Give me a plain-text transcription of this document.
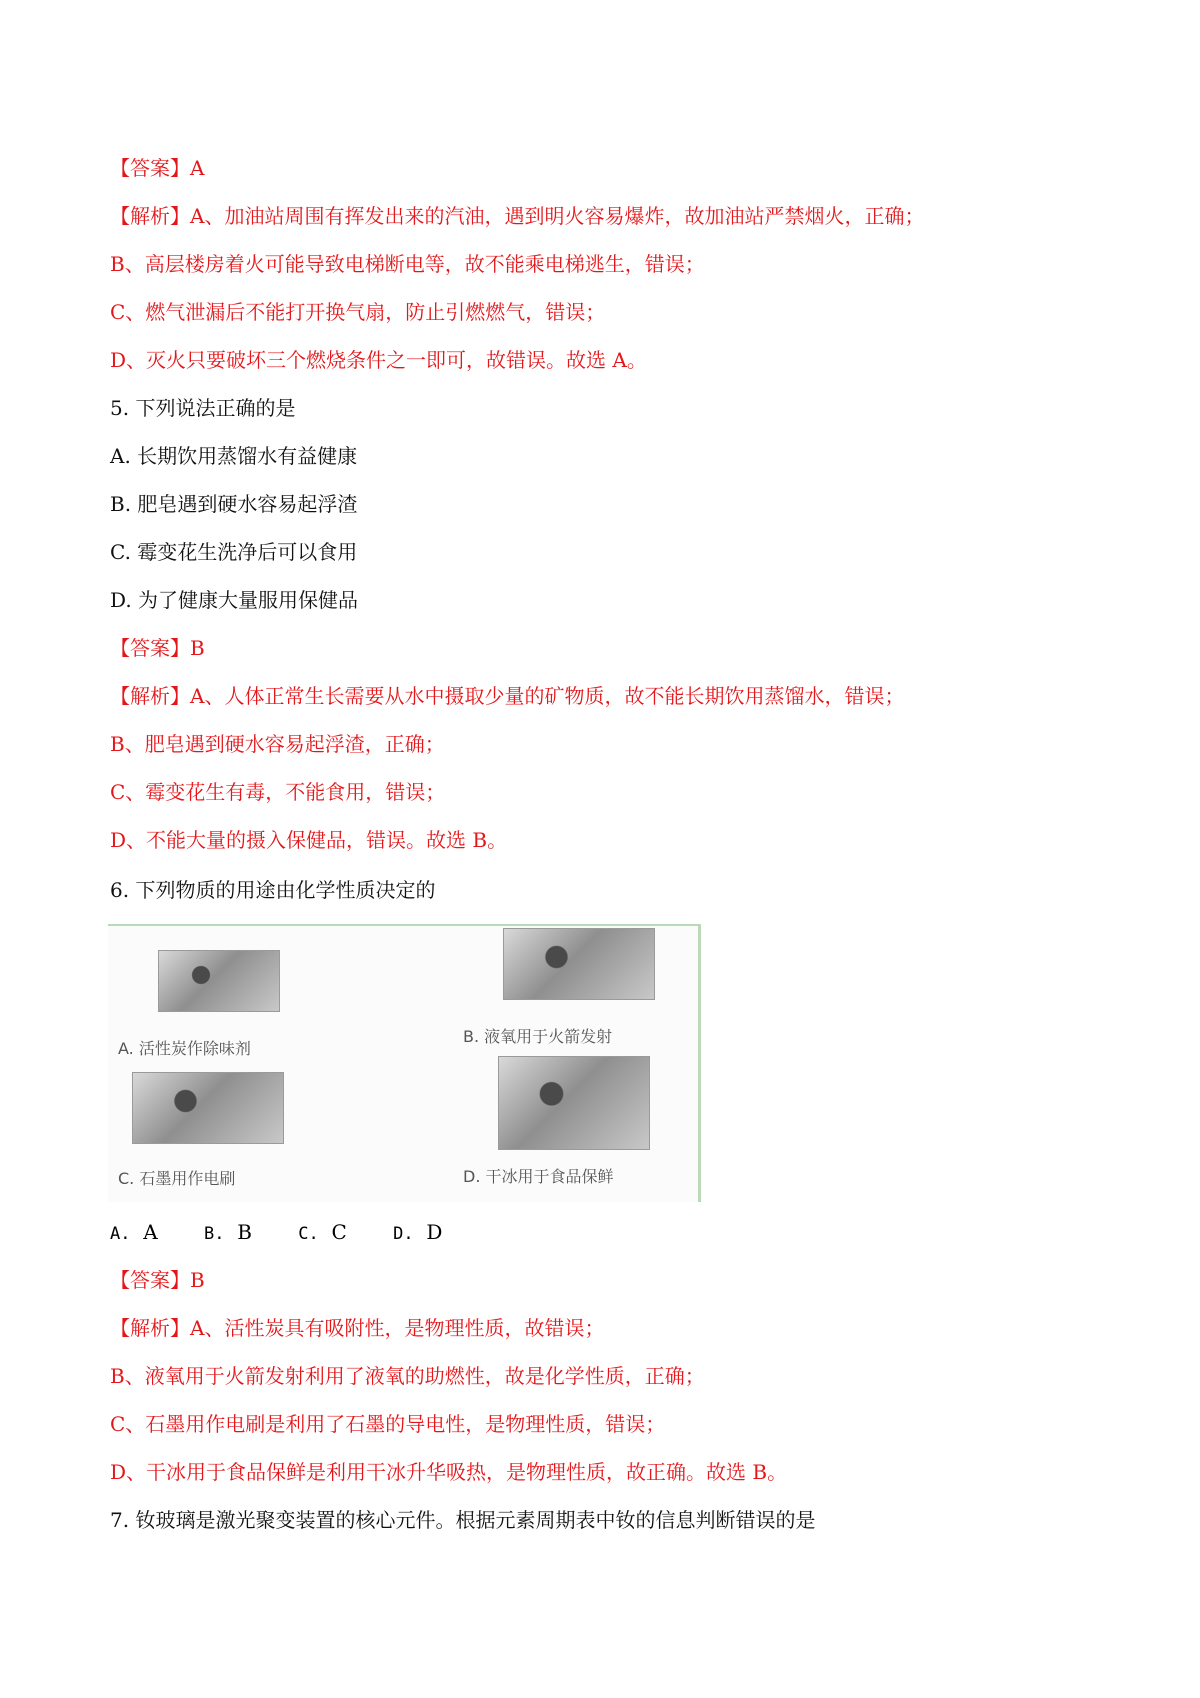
【答案】A
【解析】A、加油站周围有挥发出来的汽油，遇到明火容易爆炸，故加油站严禁烟火，正确；
B、高层楼房着火可能导致电梯断电等，故不能乘电梯逃生，错误；
C、燃气泄漏后不能打开换气扇，防止引燃燃气，错误；
D、灭火只要破坏三个燃烧条件之一即可，故错误。故选 A。
5. 下列说法正确的是
A. 长期饮用蒸馏水有益健康
B. 肥皂遇到硬水容易起浮渣
C. 霉变花生洗净后可以食用
D. 为了健康大量服用保健品
【答案】B
【解析】A、人体正常生长需要从水中摄取少量的矿物质，故不能长期饮用蒸馏水，错误；
B、肥皂遇到硬水容易起浮渣，正确；
C、霉变花生有毒，不能食用，错误；
D、不能大量的摄入保健品，错误。故选 B。
6. 下列物质的用途由化学性质决定的
A. 活性炭作除味剂
B. 液氧用于火箭发射
C. 石墨用作电刷	D. 干冰用于食品保鲜
A. A	B. B	C. C	D. D
【答案】B
【解析】A、活性炭具有吸附性，是物理性质，故错误；
B、液氧用于火箭发射利用了液氧的助燃性，故是化学性质，正确；
C、石墨用作电刷是利用了石墨的导电性，是物理性质，错误；
D、干冰用于食品保鲜是利用干冰升华吸热，是物理性质，故正确。故选 B。
7. 钕玻璃是激光聚变装置的核心元件。根据元素周期表中钕的信息判断错误的是
